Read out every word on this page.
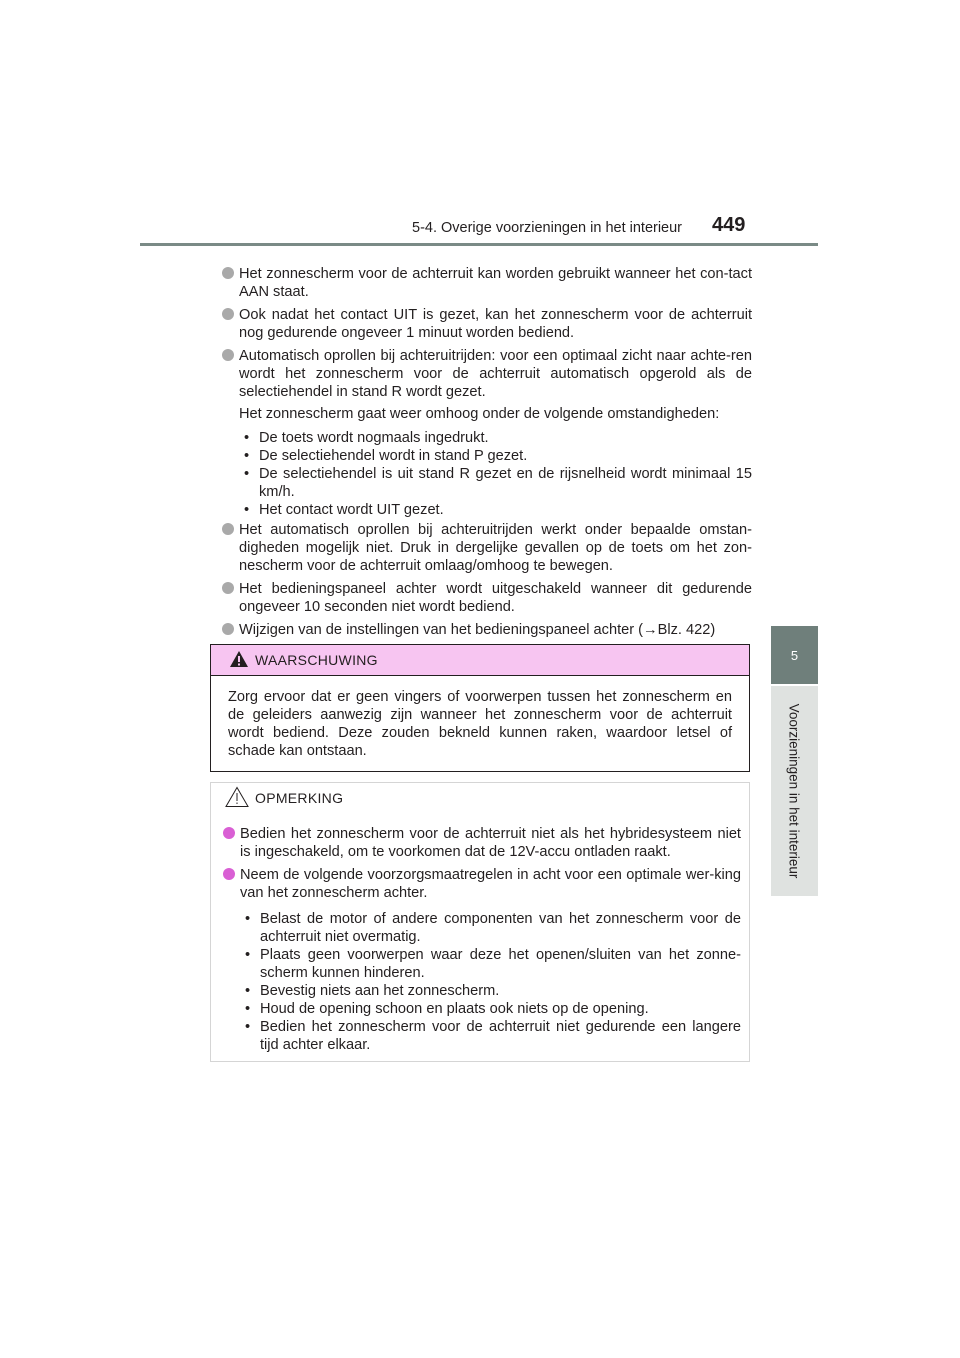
5-4. Overige voorzieningen in het interieur 449
5
Voorzieningen in het interieur
Het zonnescherm voor de achterruit kan worden gebruikt wanneer het con-tact AAN staat.
Ook nadat het contact UIT is gezet, kan het zonnescherm voor de achterruit nog gedurende ongeveer 1 minuut worden bediend.
Automatisch oprollen bij achteruitrijden: voor een optimaal zicht naar achte-ren wordt het zonnescherm voor de achterruit automatisch opgerold als de selectiehendel in stand R wordt gezet.
Het zonnescherm gaat weer omhoog onder de volgende omstandigheden:
• De toets wordt nogmaals ingedrukt.
• De selectiehendel wordt in stand P gezet.
• De selectiehendel is uit stand R gezet en de rijsnelheid wordt minimaal 15 km/h.
• Het contact wordt UIT gezet.
Het automatisch oprollen bij achteruitrijden werkt onder bepaalde omstan-digheden mogelijk niet. Druk in dergelijke gevallen op de toets om het zon-nescherm voor de achterruit omlaag/omhoog te bewegen.
Het bedieningspaneel achter wordt uitgeschakeld wanneer dit gedurende ongeveer 10 seconden niet wordt bediend.
Wijzigen van de instellingen van het bedieningspaneel achter (→Blz. 422)
WAARSCHUWING
Zorg ervoor dat er geen vingers of voorwerpen tussen het zonnescherm en de geleiders aanwezig zijn wanneer het zonnescherm voor de achterruit wordt bediend. Deze zouden bekneld kunnen raken, waardoor letsel of schade kan ontstaan.
OPMERKING
Bedien het zonnescherm voor de achterruit niet als het hybridesysteem niet is ingeschakeld, om te voorkomen dat de 12V-accu ontladen raakt.
Neem de volgende voorzorgsmaatregelen in acht voor een optimale wer-king van het zonnescherm achter.
• Belast de motor of andere componenten van het zonnescherm voor de achterruit niet overmatig.
• Plaats geen voorwerpen waar deze het openen/sluiten van het zonne-scherm kunnen hinderen.
• Bevestig niets aan het zonnescherm.
• Houd de opening schoon en plaats ook niets op de opening.
• Bedien het zonnescherm voor de achterruit niet gedurende een langere tijd achter elkaar.
